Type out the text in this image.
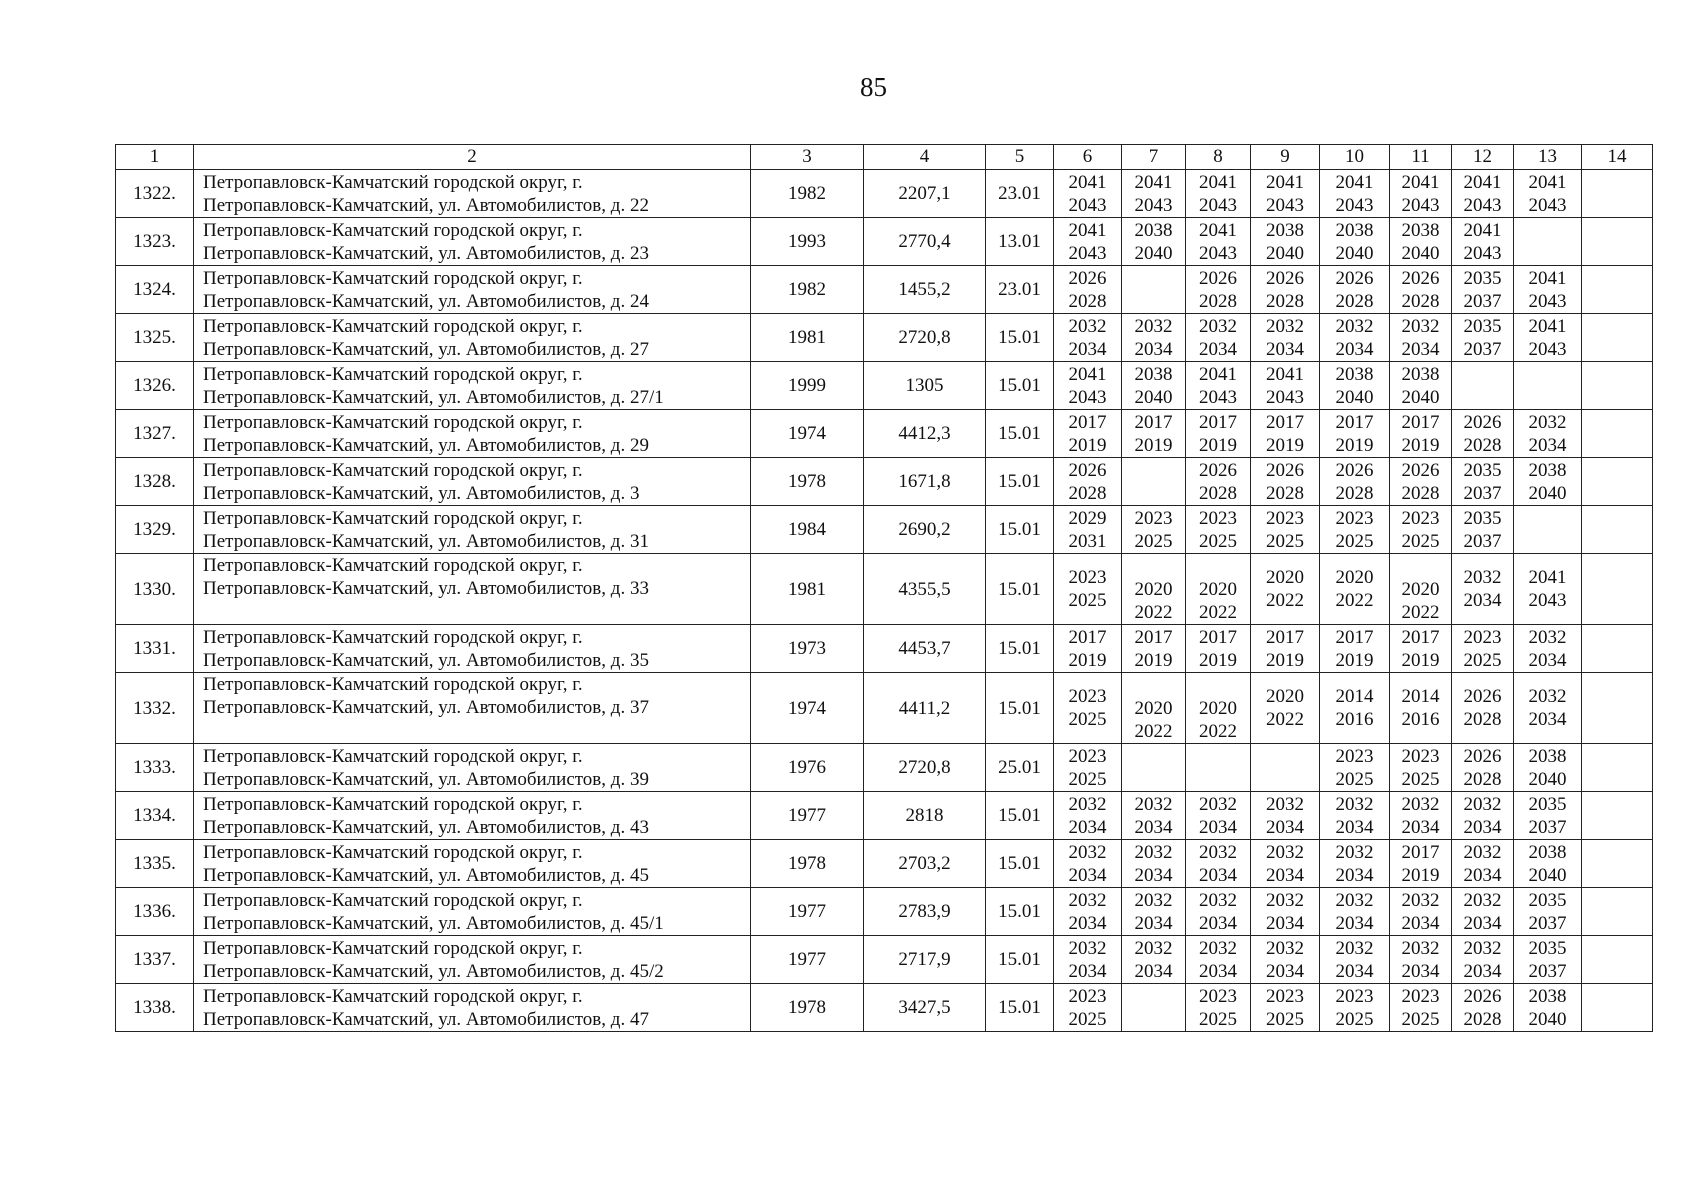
85
1	2	3	4	5	6	7	8	9	10	11	12	13	14
1322.	Петропавловск-Камчатский городской округ, г.
Петропавловск-Камчатский, ул. Автомобилистов, д. 22	1982	2207,1	23.01	2041
2043	2041
2043	2041
2043	2041
2043	2041
2043	2041
2043	2041
2043	2041
2043	

1323.	Петропавловск-Камчатский городской округ, г.
Петропавловск-Камчатский, ул. Автомобилистов, д. 23	1993	2770,4	13.01	2041
2043	2038
2040	2041
2043	2038
2040	2038
2040	2038
2040	2041
2043		

1324.	Петропавловск-Камчатский городской округ, г.
Петропавловск-Камчатский, ул. Автомобилистов, д. 24	1982	1455,2	23.01	2026
2028		2026
2028	2026
2028	2026
2028	2026
2028	2035
2037	2041
2043	

1325.	Петропавловск-Камчатский городской округ, г.
Петропавловск-Камчатский, ул. Автомобилистов, д. 27	1981	2720,8	15.01	2032
2034	2032
2034	2032
2034	2032
2034	2032
2034	2032
2034	2035
2037	2041
2043	

1326.	Петропавловск-Камчатский городской округ, г.
Петропавловск-Камчатский, ул. Автомобилистов, д. 27/1	1999	1305	15.01	2041
2043	2038
2040	2041
2043	2041
2043	2038
2040	2038
2040			

1327.	Петропавловск-Камчатский городской округ, г.
Петропавловск-Камчатский, ул. Автомобилистов, д. 29	1974	4412,3	15.01	2017
2019	2017
2019	2017
2019	2017
2019	2017
2019	2017
2019	2026
2028	2032
2034	

1328.	Петропавловск-Камчатский городской округ, г.
Петропавловск-Камчатский, ул. Автомобилистов, д. 3	1978	1671,8	15.01	2026
2028		2026
2028	2026
2028	2026
2028	2026
2028	2035
2037	2038
2040	

1329.	Петропавловск-Камчатский городской округ, г.
Петропавловск-Камчатский, ул. Автомобилистов, д. 31	1984	2690,2	15.01	2029
2031	2023
2025	2023
2025	2023
2025	2023
2025	2023
2025	2035
2037		

1330.	Петропавловск-Камчатский городской округ, г.
Петропавловск-Камчатский, ул. Автомобилистов, д. 33	1981	4355,5	15.01	2023
2025	2020
2022	2020
2022	2020
2022	2020
2022	2020
2022	2032
2034	2041
2043	

1331.	Петропавловск-Камчатский городской округ, г.
Петропавловск-Камчатский, ул. Автомобилистов, д. 35	1973	4453,7	15.01	2017
2019	2017
2019	2017
2019	2017
2019	2017
2019	2017
2019	2023
2025	2032
2034	

1332.	Петропавловск-Камчатский городской округ, г.
Петропавловск-Камчатский, ул. Автомобилистов, д. 37	1974	4411,2	15.01	2023
2025	2020
2022	2020
2022	2020
2022	2014
2016	2014
2016	2026
2028	2032
2034	

1333.	Петропавловск-Камчатский городской округ, г.
Петропавловск-Камчатский, ул. Автомобилистов, д. 39	1976	2720,8	25.01	2023
2025				2023
2025	2023
2025	2026
2028	2038
2040	

1334.	Петропавловск-Камчатский городской округ, г.
Петропавловск-Камчатский, ул. Автомобилистов, д. 43	1977	2818	15.01	2032
2034	2032
2034	2032
2034	2032
2034	2032
2034	2032
2034	2032
2034	2035
2037	

1335.	Петропавловск-Камчатский городской округ, г.
Петропавловск-Камчатский, ул. Автомобилистов, д. 45	1978	2703,2	15.01	2032
2034	2032
2034	2032
2034	2032
2034	2032
2034	2017
2019	2032
2034	2038
2040	

1336.	Петропавловск-Камчатский городской округ, г.
Петропавловск-Камчатский, ул. Автомобилистов, д. 45/1	1977	2783,9	15.01	2032
2034	2032
2034	2032
2034	2032
2034	2032
2034	2032
2034	2032
2034	2035
2037	

1337.	Петропавловск-Камчатский городской округ, г.
Петропавловск-Камчатский, ул. Автомобилистов, д. 45/2	1977	2717,9	15.01	2032
2034	2032
2034	2032
2034	2032
2034	2032
2034	2032
2034	2032
2034	2035
2037	

1338.	Петропавловск-Камчатский городской округ, г.
Петропавловск-Камчатский, ул. Автомобилистов, д. 47	1978	3427,5	15.01	2023
2025		2023
2025	2023
2025	2023
2025	2023
2025	2026
2028	2038
2040	
